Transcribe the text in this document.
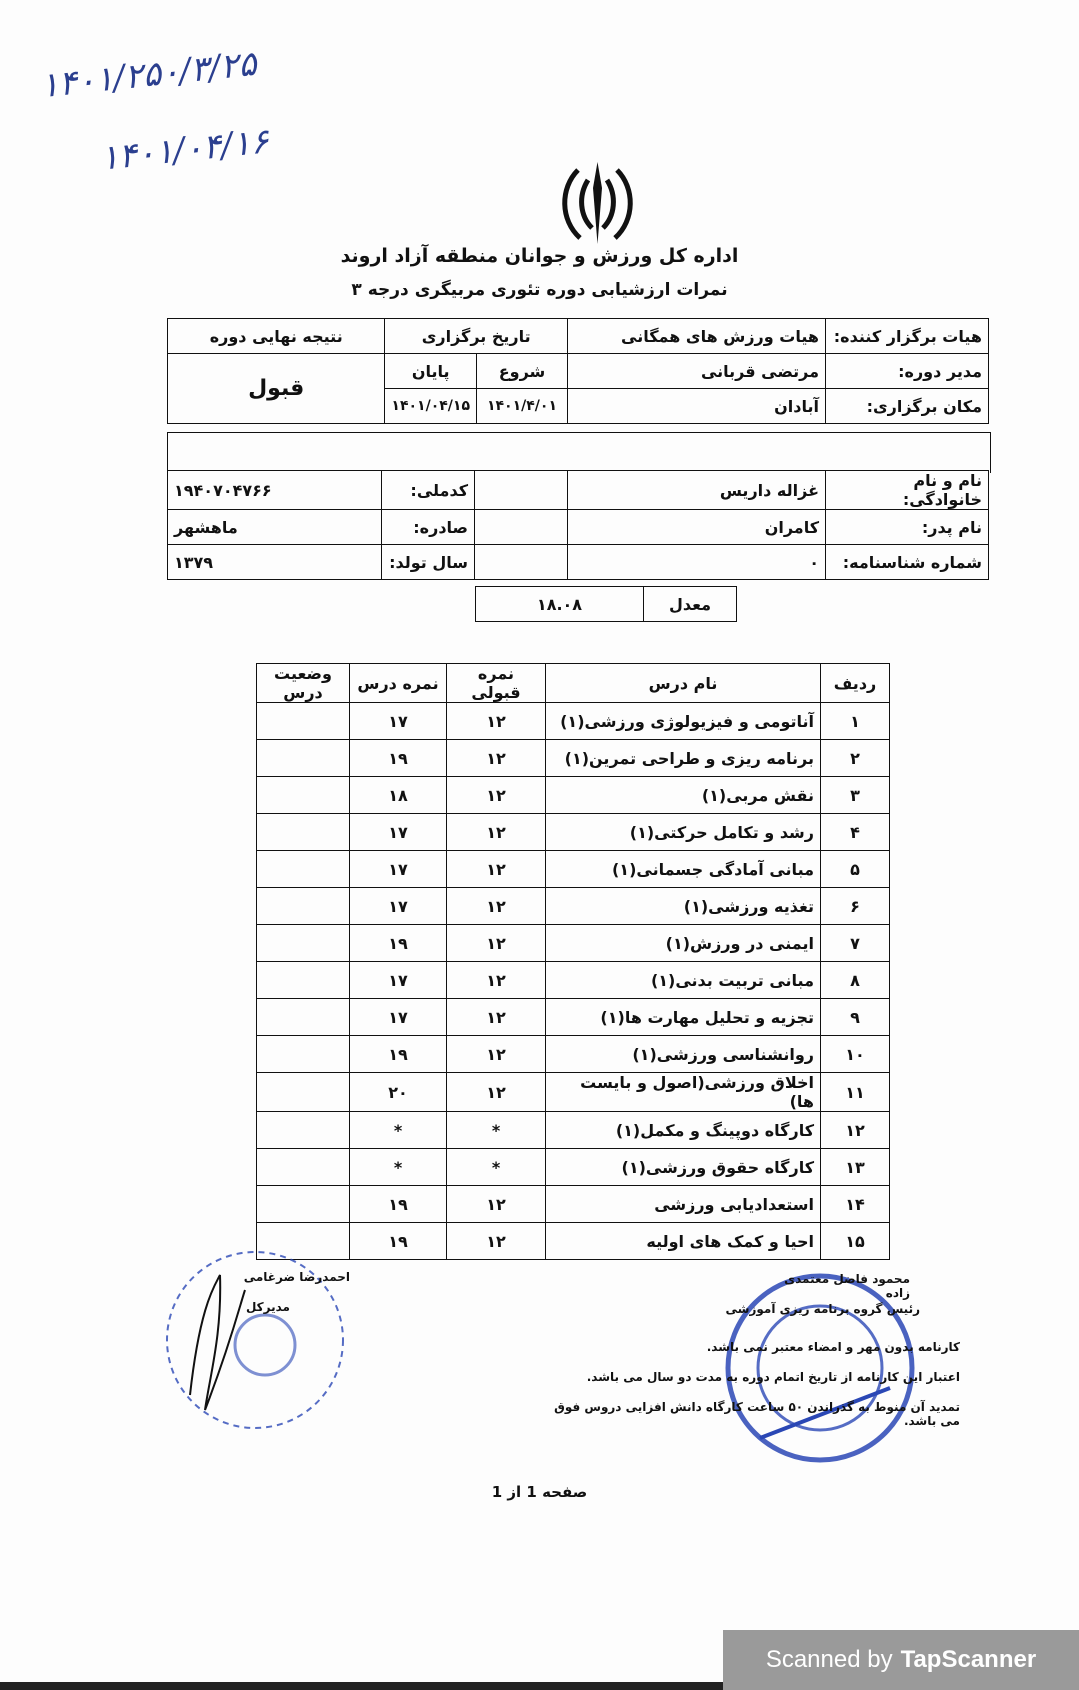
۱۴۰۱/۲۵۰/۳/۲۵
۱۴۰۱/۰۴/۱۶
اداره کل ورزش و جوانان منطقه آزاد اروند
نمرات ارزشیابی دوره تئوری مربیگری درجه ۳
هیات برگزار کننده:	هیات ورزش های همگانی	تاریخ برگزاری		نتیجه نهایی دوره
مدیر دوره:	مرتضی قربانی	شروع	پایان	قبول
مکان برگزاری:	آبادان	۱۴۰۱/۴/۰۱	۱۴۰۱/۰۴/۱۵	
نام و نام خانوادگی:	غزاله داریس		کدملی:	۱۹۴۰۷۰۴۷۶۶
نام پدر:	کامران		صادره:	ماهشهر
شماره شناسنامه:	۰		سال تولد:	۱۳۷۹
معدل	۱۸.۰۸
ردیف	نام درس	نمره قبولی	نمره درس	وضعیت درس
۱	آناتومی و فیزیولوژی ورزشی(۱)	۱۲	۱۷	
۲	برنامه ریزی و طراحی تمرین(۱)	۱۲	۱۹	
۳	نقش مربی(۱)	۱۲	۱۸	
۴	رشد و تکامل حرکتی(۱)	۱۲	۱۷	
۵	مبانی آمادگی جسمانی(۱)	۱۲	۱۷	
۶	تغذیه ورزشی(۱)	۱۲	۱۷	
۷	ایمنی در ورزش(۱)	۱۲	۱۹	
۸	مبانی تربیت بدنی(۱)	۱۲	۱۷	
۹	تجزیه و تحلیل مهارت ها(۱)	۱۲	۱۷	
۱۰	روانشناسی ورزشی(۱)	۱۲	۱۹	
۱۱	اخلاق ورزشی(اصول و بایست ها)	۱۲	۲۰	
۱۲	کارگاه دوپینگ و مکمل(۱)	*	*	
۱۳	کارگاه حقوق ورزشی(۱)	*	*	
۱۴	استعدادیابی ورزشی	۱۲	۱۹	
۱۵	احیا و کمک های اولیه	۱۲	۱۹	
احمدرضا ضرغامی
مدیرکل
محمود فاضل معتمدی زاده
رئیس گروه برنامه ریزی آموزشی
کارنامه بدون مهر و امضاء معتبر نمی باشد.
اعتبار این کارنامه از تاریخ اتمام دوره به مدت دو سال می باشد.
تمدید آن منوط به گذراندن ۵۰ ساعت کارگاه دانش افزایی دروس فوق می باشد.
صفحه 1 از 1
Scanned by TapScanner
